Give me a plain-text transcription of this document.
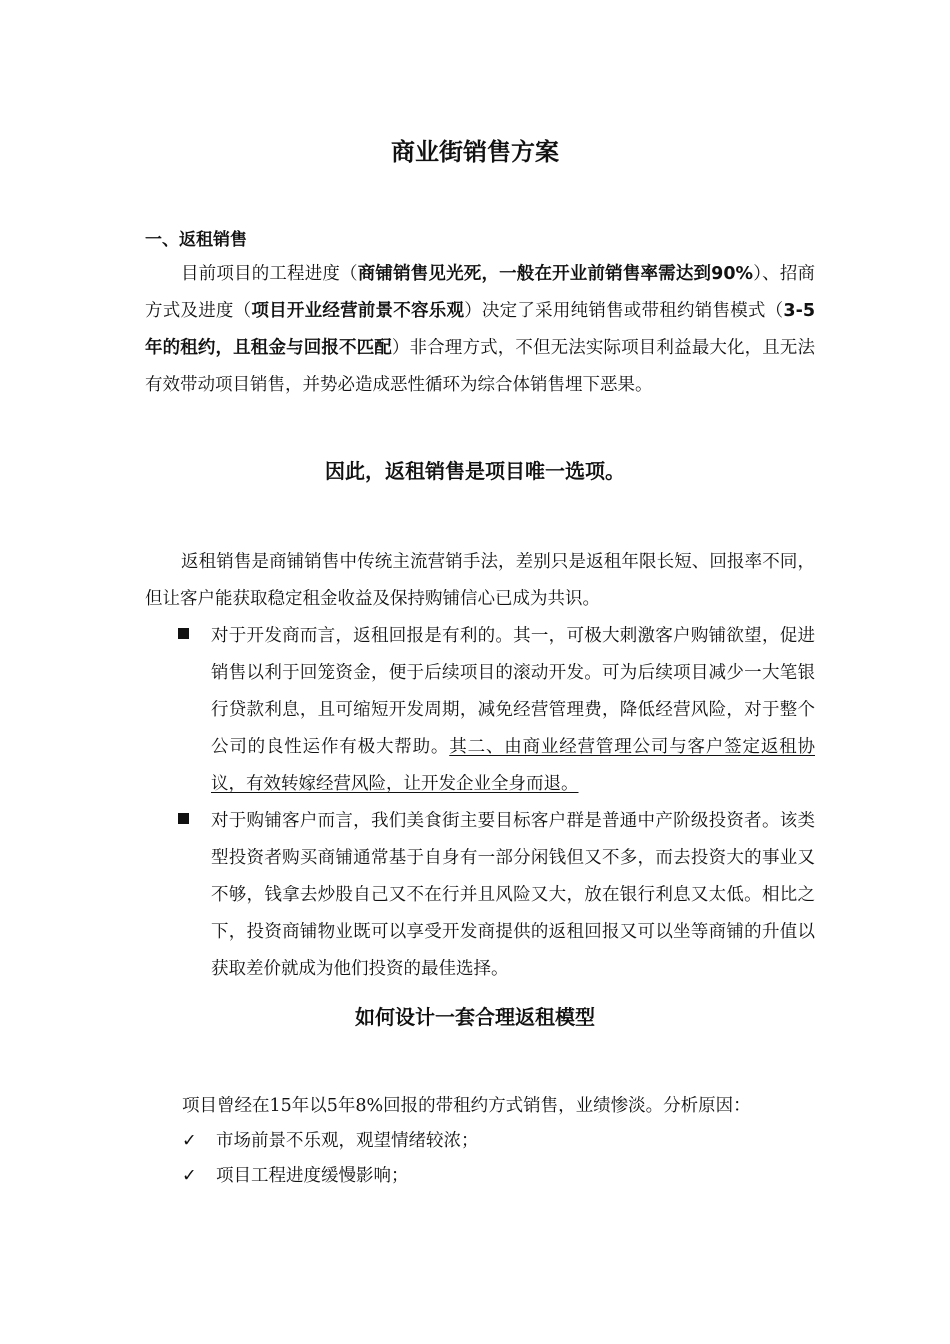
商业街销售方案
一、返租销售

目前项目的工程进度（商铺销售见光死，一般在开业前销售率需达到90%）、招商方式及进度（项目开业经营前景不容乐观）决定了采用纯销售或带租约销售模式（3-5年的租约，且租金与回报不匹配）非合理方式，不但无法实际项目利益最大化，且无法有效带动项目销售，并势必造成恶性循环为综合体销售埋下恶果。

因此，返租销售是项目唯一选项。

返租销售是商铺销售中传统主流营销手法，差别只是返租年限长短、回报率不同，但让客户能获取稳定租金收益及保持购铺信心已成为共识。

对于开发商而言，返租回报是有利的。其一，可极大刺激客户购铺欲望，促进销售以利于回笼资金，便于后续项目的滚动开发。可为后续项目减少一大笔银行贷款利息，且可缩短开发周期，减免经营管理费，降低经营风险，对于整个公司的良性运作有极大帮助。其二、由商业经营管理公司与客户签定返租协议，有效转嫁经营风险，让开发企业全身而退。
对于购铺客户而言，我们美食街主要目标客户群是普通中产阶级投资者。该类型投资者购买商铺通常基于自身有一部分闲钱但又不多，而去投资大的事业又不够，钱拿去炒股自己又不在行并且风险又大，放在银行利息又太低。相比之下，投资商铺物业既可以享受开发商提供的返租回报又可以坐等商铺的升值以获取差价就成为他们投资的最佳选择。
如何设计一套合理返租模型
项目曾经在15年以5年8%回报的带租约方式销售，业绩惨淡。分析原因：
✓ 市场前景不乐观，观望情绪较浓；
✓ 项目工程进度缓慢影响；
